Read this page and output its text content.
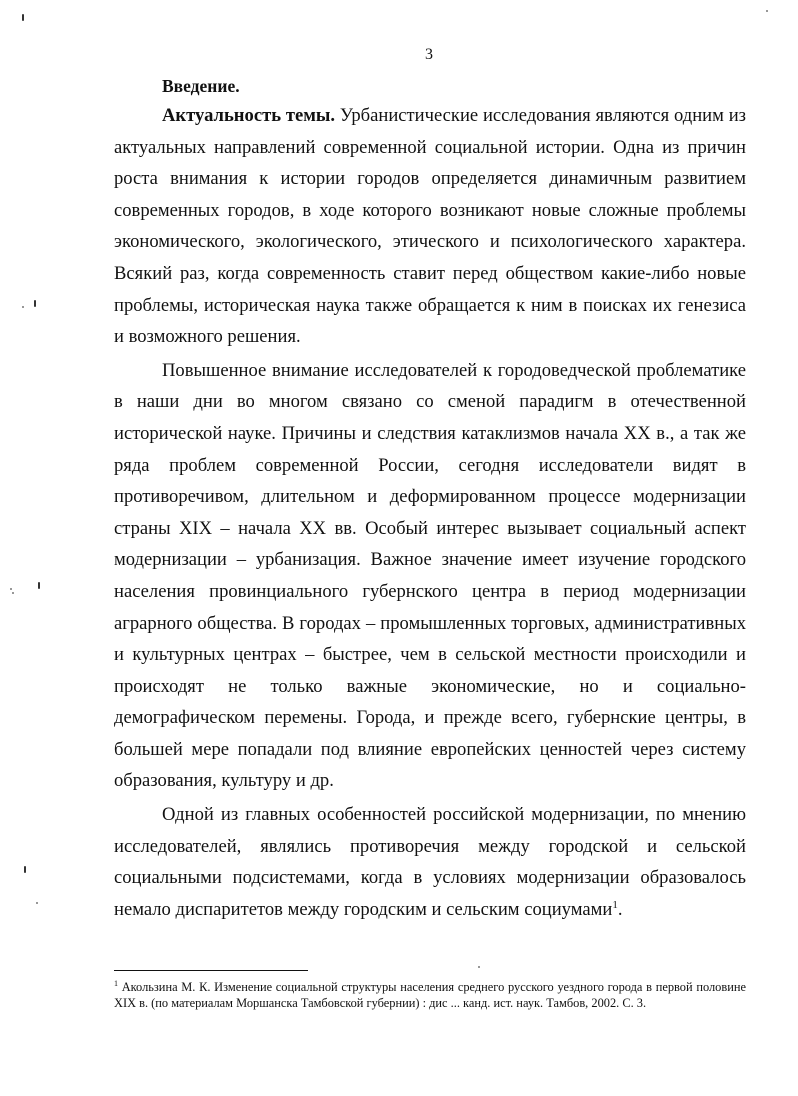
3
Введение.

Актуальность темы. Урбанистические исследования являются одним из актуальных направлений современной социальной истории. Одна из причин роста внимания к истории городов определяется динамичным развитием современных городов, в ходе которого возникают новые сложные проблемы экономического, экологического, этического и психологического характера. Всякий раз, когда современность ставит перед обществом какие-либо новые проблемы, историческая наука также обращается к ним в поисках их генезиса и возможного решения.

Повышенное внимание исследователей к городоведческой проблематике в наши дни во многом связано со сменой парадигм в отечественной исторической науке. Причины и следствия катаклизмов начала XX в., а так же ряда проблем современной России, сегодня исследователи видят в противоречивом, длительном и деформированном процессе модернизации страны XIX – начала XX вв. Особый интерес вызывает социальный аспект модернизации – урбанизация. Важное значение имеет изучение городского населения провинциального губернского центра в период модернизации аграрного общества. В городах – промышленных торговых, административных и культурных центрах – быстрее, чем в сельской местности происходили и происходят не только важные экономические, но и социально-демографическом перемены. Города, и прежде всего, губернские центры, в большей мере попадали под влияние европейских ценностей через систему образования, культуру и др.

Одной из главных особенностей российской модернизации, по мнению исследователей, являлись противоречия между городской и сельской социальными подсистемами, когда в условиях модернизации образовалось немало диспаритетов между городским и сельским социумами$^1$.

$^1$ Акользина М. К. Изменение социальной структуры населения среднего русского уездного города в первой половине XIX в. (по материалам Моршанска Тамбовской губернии) : дис ... канд. ист. наук. Тамбов, 2002. С. 3.
